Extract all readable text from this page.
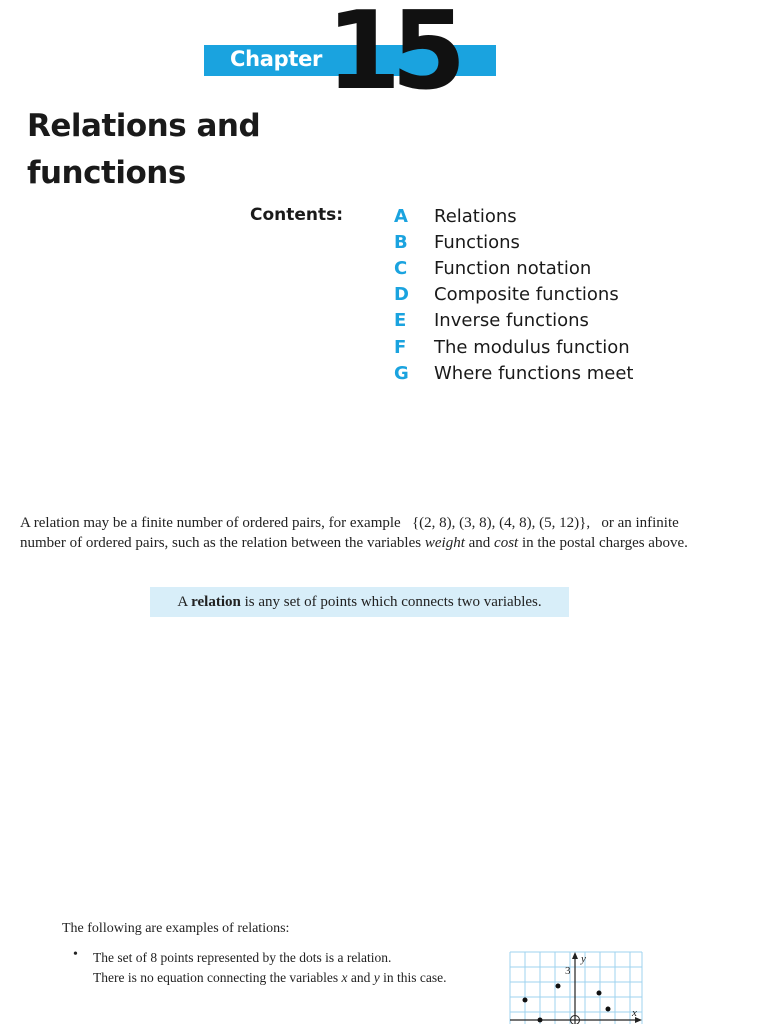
Chapter 15
Relations and
functions
Contents:	A	Relations
B	Functions
C	Function notation
D	Composite functions
E	Inverse functions
F	The modulus function
G	Where functions meet

A relation may be a finite number of ordered pairs, for example {(2, 8), (3, 8), (4, 8), (5, 12)}, or an infinite number of ordered pairs, such as the relation between the variables weight and cost in the postal charges above.

A relation is any set of points which connects two variables.

The following are examples of relations:

• The set of 8 points represented by the dots is a relation.
There is no equation connecting the variables x and y in this case.

y
3
x
